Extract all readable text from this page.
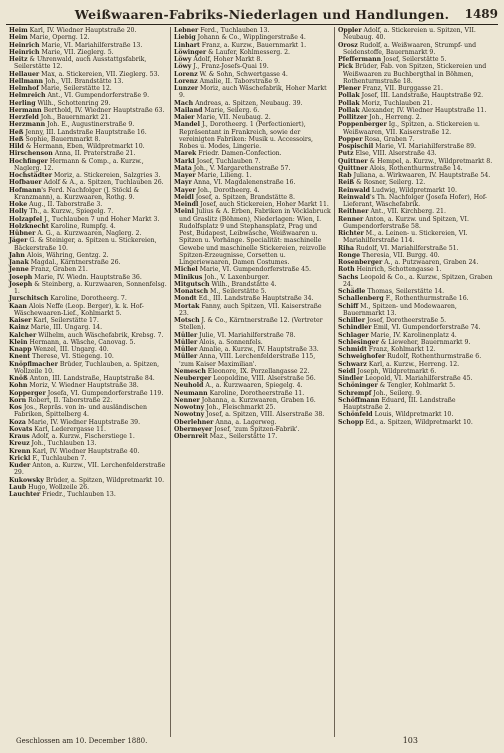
Weißwaaren-Fabriks-Niederlagen und Handlungen.	1489

Heim Karl, IV. Wiedner Hauptstraße 20.

Heim Marie, Operng. 12.

Heinrich Marie, VI. Mariahilferstraße 13.

Heinrich Marie, VII. Zieglerg. 5.

Heitz & Uhrenwald, auch Ausstattgsfabrik, Seilerstätte 12.

Hellauer Max, a. Stickereien, VII. Zieglerg. 53.

Hellmann Joh., VII. Brandstätte 13.

Helmhof Marie, Seilerstätte 12.

Helmreich Ant., VI. Gumpendorferstraße 9.

Herling Wilh., Schottenring 29.

Hermann Berthold, IV. Wiedner Hauptstraße 63.

Herzfeld Joh., Bauernmarkt 21.

Herzmann Joh. E., Augustinerstraße 9.

Heß Jenny, III. Landstraße Hauptstraße 16.

Heß Sophie, Bauernmarkt 8.

Hild & Hermann, Eben, Wildpretmarkt 10.

Hirschenson Anna, II. Praterstraße 21.

Hochfinger Hermann & Comp., a. Kurzw., Naglerg. 12.

Hochstädter Moriz, a. Stickereien, Salzgries 3.

Hofbauer Adolf & A., a. Spitzen, Tuchlauben 26.

Hofmann's Ferd. Nachfolger (J. Stöckl & Kranzmann), a. Kurzwaaren, Rothg. 9.

Hoke Aug., II. Taborstraße 3.

Holly Th., a. Kurzw., Spiegelg. 7.

Holzapfel J., Tuchlauben 7 und Hoher Markt 3.

Holzknecht Karoline, Rumpfg. 4.

Hübner A. G., a. Kurzwaaren, Naglerg. 2.

Jäger G. & Steiniger, a. Spitzen u. Stickereien, Bäckerstraße 10.

Jahn Alois, Währing, Gentzg. 2.

Janak Magdal., Kärntnerstraße 26.

Jenne Franz, Graben 21.

Joseph Marie, IV. Wiedn. Hauptstraße 36.

Joseph & Steinberg, a. Kurzwaaren, Sonnenfelsg. 1.

Jurschitsch Karoline, Dorotheerg. 7.

Kaan Alois Neffe (Leop. Berger), k. k. Hof-Wäschewaaren-Lief., Kohlmarkt 5.

Kaiser Karl, Seilerstätte 17.

Kainz Marie, III. Ungarg. 14.

Kalcher Wilhelm, auch Wäschefabrik, Krebsg. 7.

Klein Hermann, a. Wäsche, Canovag. 5.

Knapp Wenzel, III. Ungarg. 40.

Knent Therese, VI. Stiegeng. 10.

Knöpflmacher Brüder, Tuchlauben, a. Spitzen, Wollzeile 10.

Knöß Anton, III. Landstraße, Hauptstraße 84.

Kohn Moriz, V. Wiedner Hauptstraße 38.

Kopperger Josefa, VI. Gumpendorferstraße 119.

Korn Robert, II. Taborstraße 22.

Kos Jos., Repräs. von in- und ausländischen Fabriken, Spittelberg 4.

Koza Marie, IV. Wiedner Hauptstraße 39.

Kovats Karl, Lederergasse 11.

Kraus Adolf, a. Kurzw., Fischerstiege 1.

Kreuz Joh., Tuchlauben 13.

Krenn Karl, IV. Wiedner Hauptstraße 40.

Krickl F., Tuchlauben 7.

Kuder Anton, a. Kurzw., VII. Lerchenfelderstraße 29.

Kukowsky Brüder, a. Spitzen, Wildpretmarkt 10.

Laub Hugo, Wollzeile 26.

Lauchter Friedr., Tuchlauben 13.

Lebner Ferd., Tuchlauben 13.

Liebig Johann & Co., Wipplingerstraße 4.

Linhart Franz, a. Kurzw., Bauernmarkt 1.

Löwinger & Laufer, Kohlmesserg. 2.

Löwy Adolf, Hoher Markt 8.

Löwy J., Franz-Josefs-Quai 19.

Lorenz W. & Sohn, Schwertgasse 4.

Lorenz Amalie, II. Taborstraße 9.

Lunzer Moriz, auch Wäschefabrik, Hoher Markt 9.

Mach Andreas, a. Spitzen, Neubaug. 39.

Mailand Marie, Seilerg. 6.

Maier Marie, VII. Neubaug. 2.

Mandel J., Dorotheerg. 1 (Perfectioniert), Repräsentant in Frankreich, sowie der vereinigten Fabriken: Musik u. Accessoirs, Robes u. Modes, Lingerie.

Marek Friedr. Damen-Confection.

Markl Josef, Tuchlauben 7.

Mata Joh., V. Margarethenstraße 57.

Mayer Marie, Lilieng. 1.

Mayr Anna, VI. Magdalenenstraße 16.

Mayer Joh., Dorotheerg. 4.

Meidl Josef, a. Spitzen, Brandstätte 8.

Meindl Josef, auch Stickereien, Hoher Markt 11.

Meinl Julius & A. Erben, Fabriken in Vöcklabruck und Graslitz (Böhmen), Niederlagen: Wien, I. Rudolfsplatz 9 und Stephansplatz, Prag und Pest, Budapest, Leibwäsche, Weißwaaren u. Spitzen u. Vorhänge. Specialität: maschinelle Gewebe und maschinelle Stickereien, reizvolle Spitzen-Erzeugnisse, Corsetten u. Lingeriewaaren, Damen Costumes.

Michel Marie, VI. Gumpendorferstraße 45.

Minikus Joh., V. Laxenburger.

Mitgutsch Wilh., Brandstätte 4.

Monatsch M., Seilerstätte 5.

Mondt Ed., III. Landstraße Hauptstraße 34.

Mortak Fanny, auch Spitzen, VII. Kaiserstraße 23.

Motsch J. & Co., Kärntnerstraße 12. (Vertreter Stellen).

Müller Julie, VI. Mariahilferstraße 78.

Müller Alois, a. Sonnenfels.

Müller Amalie, a. Kurzw., IV. Hauptstraße 33.

Müller Anna, VIII. Lerchenfelderstraße 115, 'zum Kaiser Maximilian'.

Nemesch Eleonore, IX. Porzellangasse 22.

Neuberger Leopoldine, VIII. Alserstraße 56.

Neuhold A., a. Kurzwaaren, Spiegelg. 4.

Neumann Karoline, Dorotheerstraße 11.

Nenner Johanna, a. Kurzwaaren, Graben 16.

Nowotny Joh., Fleischmarkt 25.

Nowotny Josef, a. Spitzen, VIII. Alserstraße 38.

Oberlehner Anna, a. Lagerweg.

Obermeyer Josef, 'zum Spitzen-Fabrik'.

Obernreit Maz., Seilerstätte 17.

Oppler Adolf, a. Stickereien u. Spitzen, VII. Neubaug. 40.

Orosz Rudolf, a. Weißwaaren, Strumpf- und Seidenstoffe, Bauernmarkt 9.

Pfeffermann Josef, Seilerstätte 5.

Pick Brüder, Fab. von Spitzen, Stickereien und Weißwaaren zu Buchbergthal in Böhmen, Rothenturmstraße 18.

Plener Franz, VII. Burggasse 21.

Pollak Josef, III. Landstraße, Hauptstraße 92.

Pollak Moriz, Tuchlauben 21.

Pollak Alexander, IV. Wiedner Hauptstraße 11.

Pollitzer Joh., Herreng. 2.

Poppenberger Ig., Spitzen, a. Stickereien u. Weißwaaren, VII. Kaiserstraße 12.

Popper Rosa, Graben 7.

Pospischil Marie, VI. Mariahilferstraße 89.

Putz Else, VIII. Alserstraße 43.

Quittner & Hempel, a. Kurzw., Wildpretmarkt 8.

Quittner Alois, Rothenthurmstraße 14.

Rab Juliana, a. Wirkwaaren, IV. Hauptstraße 54.

Reiß & Rosner, Seilerg. 12.

Reinwald Ludwig, Wildpretmarkt 10.

Reinwald's Th. Nachfolger (Josefa Hofer), Hof-Lieferant, Wäschefabrik.

Reithner Ant., VII. Kirchberg. 21.

Renner Anton, a. Kurzw. und Spitzen, VI. Gumpendorferstraße 58.

Richter M., a. Leinen- u. Stickereien, VI. Mariahilferstraße 114.

Riha Rudolf, VI. Mariahilferstraße 51.

Ronge Theresia, VII. Burgg. 40.

Rosenberger A., a. Putzwaaren, Graben 24.

Roth Heinrich, Schottengasse 1.

Sachs Leopold & Co., a. Kurzw., Spitzen, Graben 24.

Schädle Thomas, Seilerstätte 14.

Schallenberg F., Rothenthurmstraße 16.

Schiff M., Spitzen- und Modewaaren, Bauernmarkt 13.

Schiller Josef, Dorotheerstraße 5.

Schindler Emil, VI. Gumpendorferstraße 74.

Schlager Marie, IV. Karolinenplatz 4.

Schlesinger & Lieweher, Bauernmarkt 9.

Schmidt Franz, Kohlmarkt 12.

Schweighofer Rudolf, Rothenthurmstraße 6.

Schwarz Karl, a. Kurzw., Herreng. 12.

Seidl Joseph, Wildpretmarkt 6.

Sindler Leopold, VI. Mariahilferstraße 45.

Schöninger & Tengler, Kohlmarkt 5.

Schrempf Joh., Seilerg. 9.

Schöffmann Eduard, III. Landstraße Hauptstraße 2.

Schönfeld Louis, Wildpretmarkt 10.

Schopp Ed., a. Spitzen, Wildpretmarkt 10.

Geschlossen am 10. December 1880.	103
